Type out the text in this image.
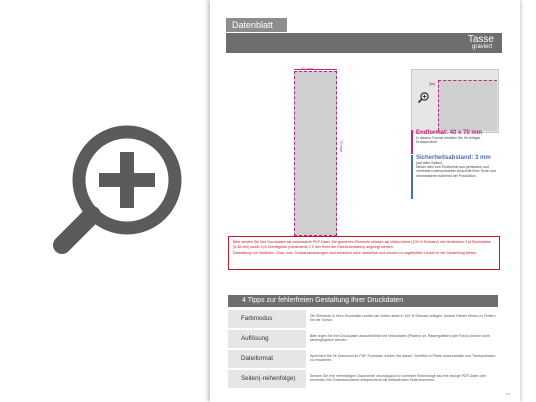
Datenblatt
Tasse
graviert
40 mm
70 mm
✂
Endformat: 40 x 70 mm
In diesem Format erhalten Sie Ihr fertiges Druckprodukt.
Sicherheitsabstand: 3 mm
(auf allen Seiten)
Dieser wird vom Endformat aus gemessen und verhindert unerwünschten Anschnitt Ihrer Texte und Informationen während der Produktion.
Bitte senden Sie Ihre Druckdaten als vektorisierte PDF-Datei. Die gravierten Elemente müssen als Vollton-farbe (100 % Schwarz) mit mindestens 3 pt Strichstärke (0,36 mm) sowie 3 pt Schriftgröße (mindestens 2,5 mm Höhe der Kleinbuchstaben) angelegt werden.
Darstellung von Verläufen, Grau- bzw. Schwarzabstufungen sind technisch nicht darstellbar und können zu ungewollten Lücken in der Darstellung führen.
4 Tipps zur fehlerfreien Gestaltung Ihrer Druckdaten
Farbmodus	Die Elemente in Ihren Druckdaten sollten als Vollton-farbe in 100 % Schwarz anlegen. Andere Farben führen zu Fehlern bei der Gravur.
Auflösung	Bitte legen Sie Ihre Druckdaten ausschließlich mit Vektordaten (Pfaden) an. Rastergrafiken (wie Fotos) können nicht wiedergegeben werden.
Dateiformat	Speichern Sie Ihr Dokument im PDF-Formatab. Achten Sie darauf, Schriften in Pfade umzuwandeln und Transparenzen zu reduzieren.
Seiten(-reihenfolge)	Senden Sie Ihre mehrseitigen Dokumente chronologisch in korrekter Reihenfolge als eine einzige PDF-Datei oder benennen Sie Einzeldokumente entsprechend mit fortlaufenden Seitennummern.
1/2
